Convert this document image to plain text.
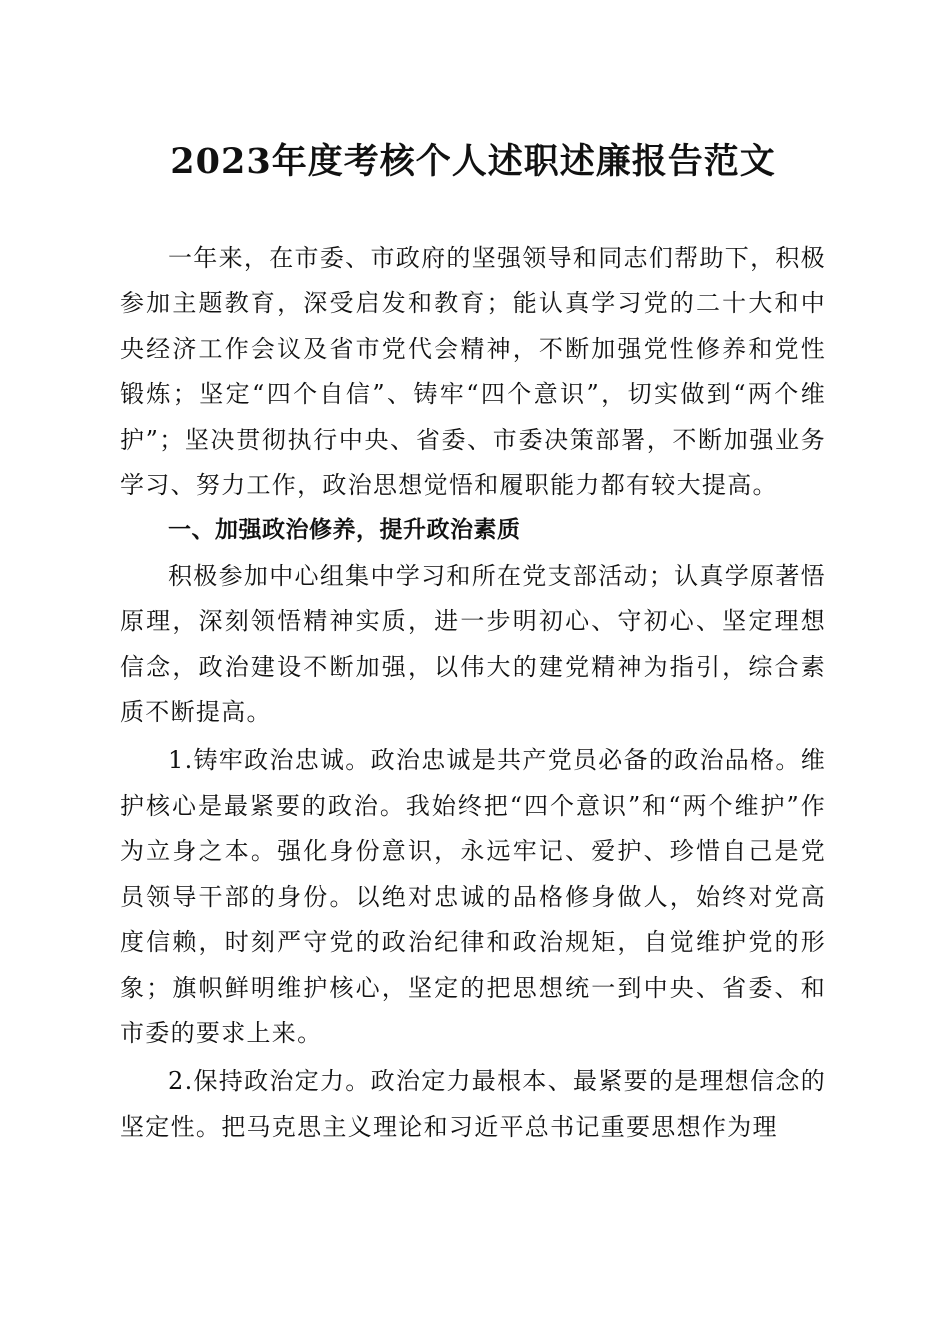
2023年度考核个人述职述廉报告范文

一年来，在市委、市政府的坚强领导和同志们帮助下，积极参加主题教育，深受启发和教育；能认真学习党的二十大和中央经济工作会议及省市党代会精神，不断加强党性修养和党性锻炼；坚定“四个自信”、铸牢“四个意识”，切实做到“两个维护”；坚决贯彻执行中央、省委、市委决策部署，不断加强业务学习、努力工作，政治思想觉悟和履职能力都有较大提高。

一、加强政治修养，提升政治素质

积极参加中心组集中学习和所在党支部活动；认真学原著悟原理，深刻领悟精神实质，进一步明初心、守初心、坚定理想信念，政治建设不断加强，以伟大的建党精神为指引，综合素质不断提高。

1.铸牢政治忠诚。政治忠诚是共产党员必备的政治品格。维护核心是最紧要的政治。我始终把“四个意识”和“两个维护”作为立身之本。强化身份意识，永远牢记、爱护、珍惜自己是党员领导干部的身份。以绝对忠诚的品格修身做人，始终对党高度信赖，时刻严守党的政治纪律和政治规矩，自觉维护党的形象；旗帜鲜明维护核心，坚定的把思想统一到中央、省委、和市委的要求上来。

2.保持政治定力。政治定力最根本、最紧要的是理想信念的坚定性。把马克思主义理论和习近平总书记重要思想作为理
